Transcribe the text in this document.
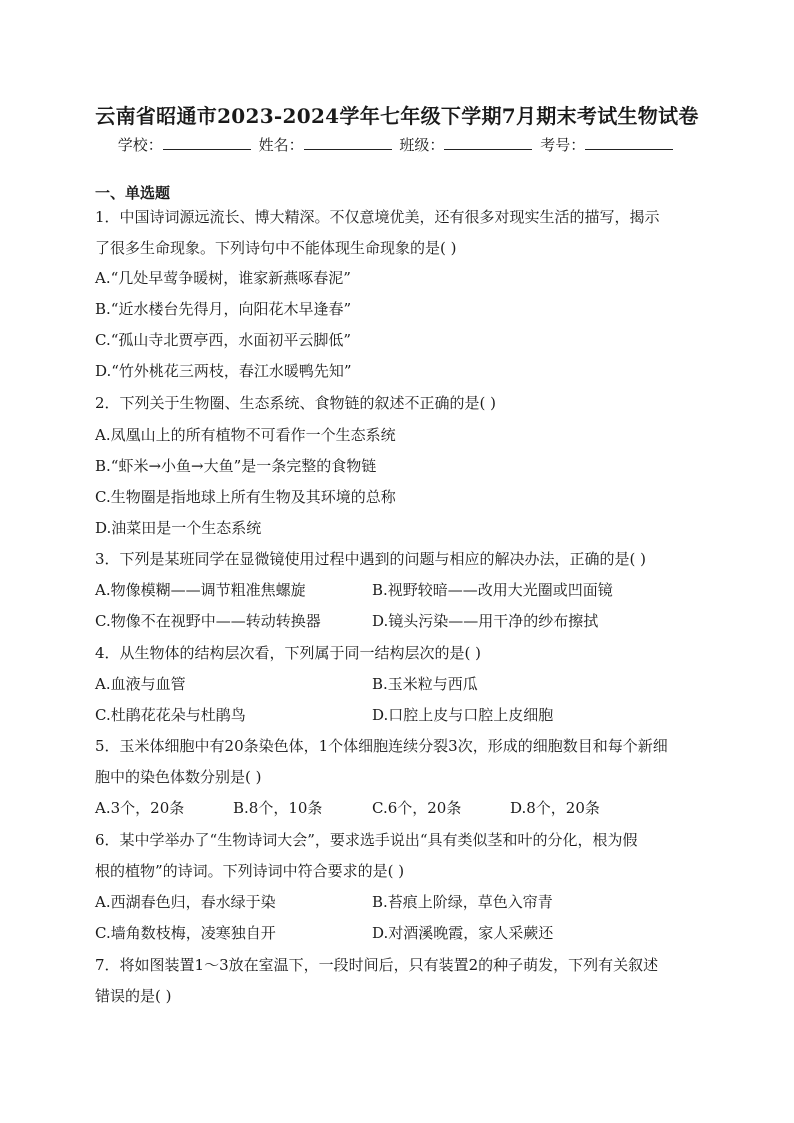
云南省昭通市2023-2024学年七年级下学期7月期末考试生物试卷
学校：	姓名：	班级：	考号：
一、单选题
1．中国诗词源远流长、博大精深。不仅意境优美，还有很多对现实生活的描写，揭示
了很多生命现象。下列诗句中不能体现生命现象的是( )
A.“几处早莺争暖树，谁家新燕啄春泥”
B.“近水楼台先得月，向阳花木早逢春”
C.“孤山寺北贾亭西，水面初平云脚低”
D.“竹外桃花三两枝，春江水暖鸭先知”
2．下列关于生物圈、生态系统、食物链的叙述不正确的是( )
A.凤凰山上的所有植物不可看作一个生态系统
B.“虾米→小鱼→大鱼”是一条完整的食物链
C.生物圈是指地球上所有生物及其环境的总称
D.油菜田是一个生态系统
3．下列是某班同学在显微镜使用过程中遇到的问题与相应的解决办法，正确的是( )
A.物像模糊——调节粗准焦螺旋	B.视野较暗——改用大光圈或凹面镜
C.物像不在视野中——转动转换器	D.镜头污染——用干净的纱布擦拭
4．从生物体的结构层次看，下列属于同一结构层次的是( )
A.血液与血管	B.玉米粒与西瓜
C.杜鹃花花朵与杜鹃鸟	D.口腔上皮与口腔上皮细胞
5．玉米体细胞中有20条染色体，1个体细胞连续分裂3次，形成的细胞数目和每个新细
胞中的染色体数分别是( )
A.3个，20条	B.8个，10条	C.6个，20条	D.8个，20条
6．某中学举办了“生物诗词大会”，要求选手说出“具有类似茎和叶的分化，根为假
根的植物”的诗词。下列诗词中符合要求的是( )
A.西湖春色归，春水绿于染	B.苔痕上阶绿，草色入帘青
C.墙角数枝梅，凌寒独自开	D.对酒溪晚霞，家人采蕨还
7．将如图装置1～3放在室温下，一段时间后，只有装置2的种子萌发，下列有关叙述
错误的是( )
